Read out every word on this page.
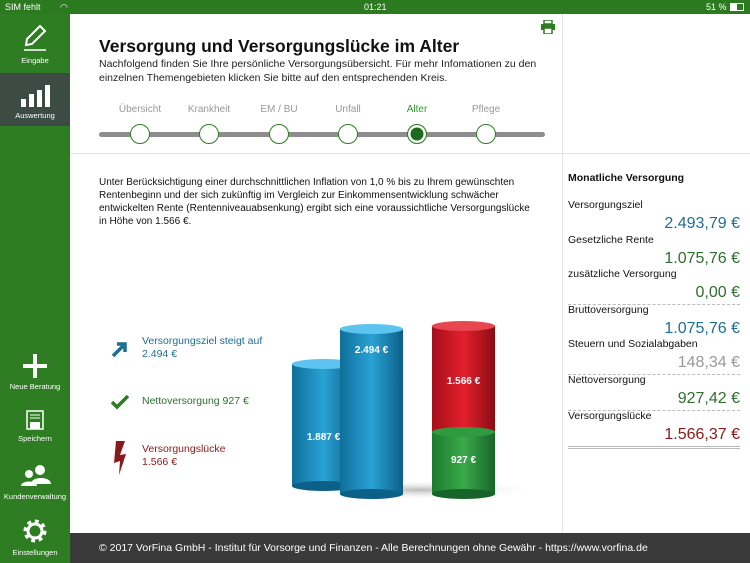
SIM fehlt ◠	01:21	51 %
Eingabe
Auswertung
Neue Beratung
Speichern
Kundenverwaltung
Einstellungen
Versorgung und Versorgungslücke im Alter
Nachfolgend finden Sie Ihre persönliche Versorgungsübersicht. Für mehr Infomationen zu den einzelnen Themengebieten klicken Sie bitte auf den entsprechenden Kreis.
Übersicht	Krankheit	EM / BU	Unfall	Alter	Pflege
Unter Berücksichtigung einer durchschnittlichen Inflation von 1,0 % bis zu Ihrem gewünschten Rentenbeginn und der sich zukünftig im Vergleich zur Einkommensentwicklung schwächer entwickelten Rente (Rentenniveauabsenkung) ergibt sich eine voraussichtliche Versorgungslücke in Höhe von 1.566 €.
Versorgungsziel steigt auf
2.494 €
Nettoversorgung 927 €
Versorgungslücke
1.566 €
1.887 €
2.494 €
1.566 €
927 €
Monatliche Versorgung
Versorgungsziel
2.493,79 €
Gesetzliche Rente
1.075,76 €
zusätzliche Versorgung
0,00 €
Bruttoversorgung
1.075,76 €
Steuern und Sozialabgaben
148,34 €
Nettoversorgung
927,42 €
Versorgungslücke
1.566,37 €
© 2017 VorFina GmbH - Institut für Vorsorge und Finanzen - Alle Berechnungen ohne Gewähr - https://www.vorfina.de
